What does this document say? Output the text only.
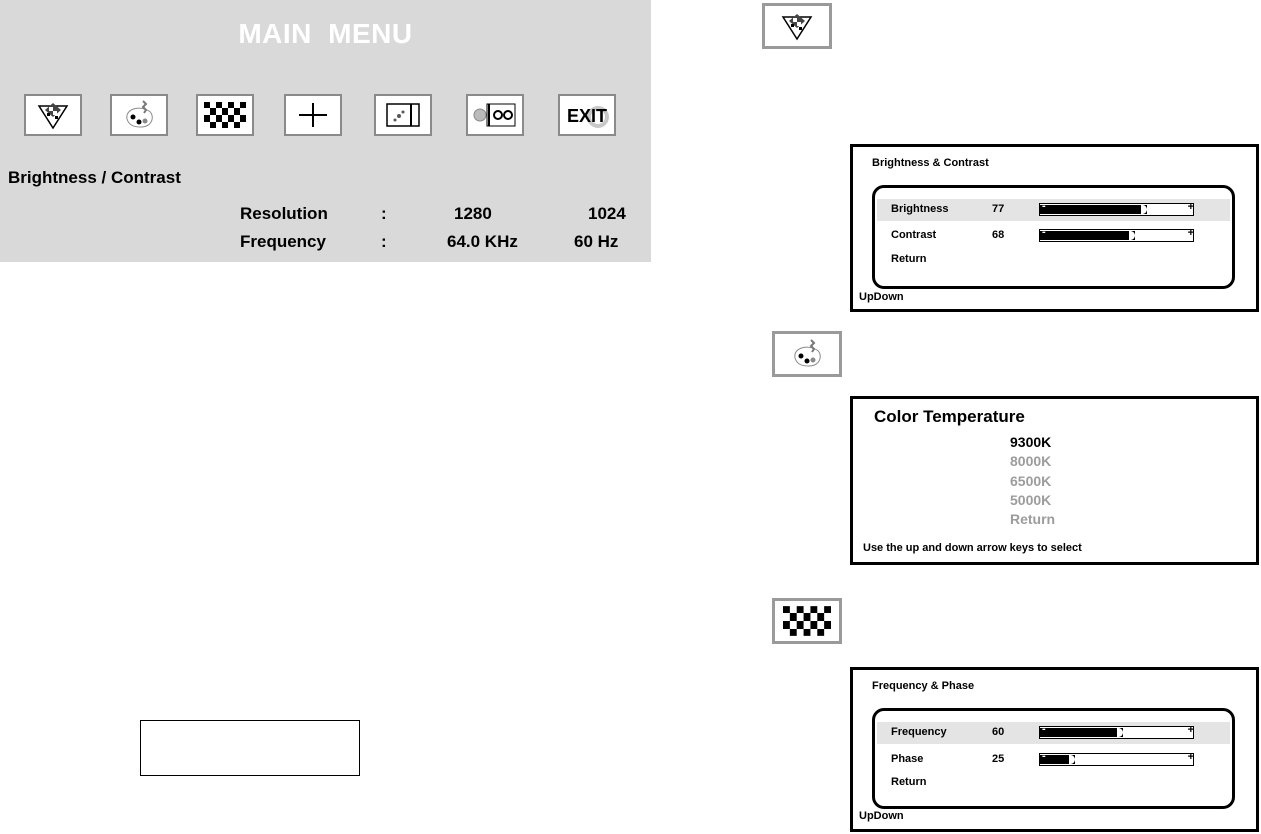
MAIN MENU
EXIT
Brightness / Contrast
Resolution	:	1280	1024
Frequency	:	64.0 KHz	60 Hz
Brightness & Contrast
Brightness	77	-	+
Contrast	68	-	+
Return
UpDown
Color Temperature
9300K
8000K
6500K
5000K
Return
Use the up and down arrow keys to select
Frequency & Phase
Frequency	60	-	+
Phase	25	-	+
Return
UpDown
